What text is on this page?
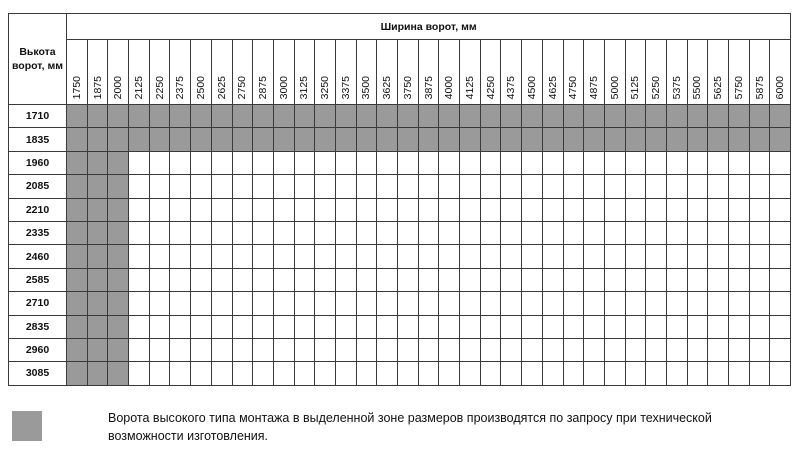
Вькота
ворот, мм	Ширина ворот, мм																																		
	1750	1875	2000	2125	2250	2375	2500	2625	2750	2875	3000	3125	3250	3375	3500	3625	3750	3875	4000	4125	4250	4375	4500	4625	4750	4875	5000	5125	5250	5375	5500	5625	5750	5875	6000
1710																																			
1835																																			
1960																																			
2085																																			
2210																																			
2335																																			
2460																																			
2585																																			
2710																																			
2835																																			
2960																																			
3085																																			
Ворота высокого типа монтажа в выделенной зоне размеров производятся по запросу при технической возможности изготовления.
